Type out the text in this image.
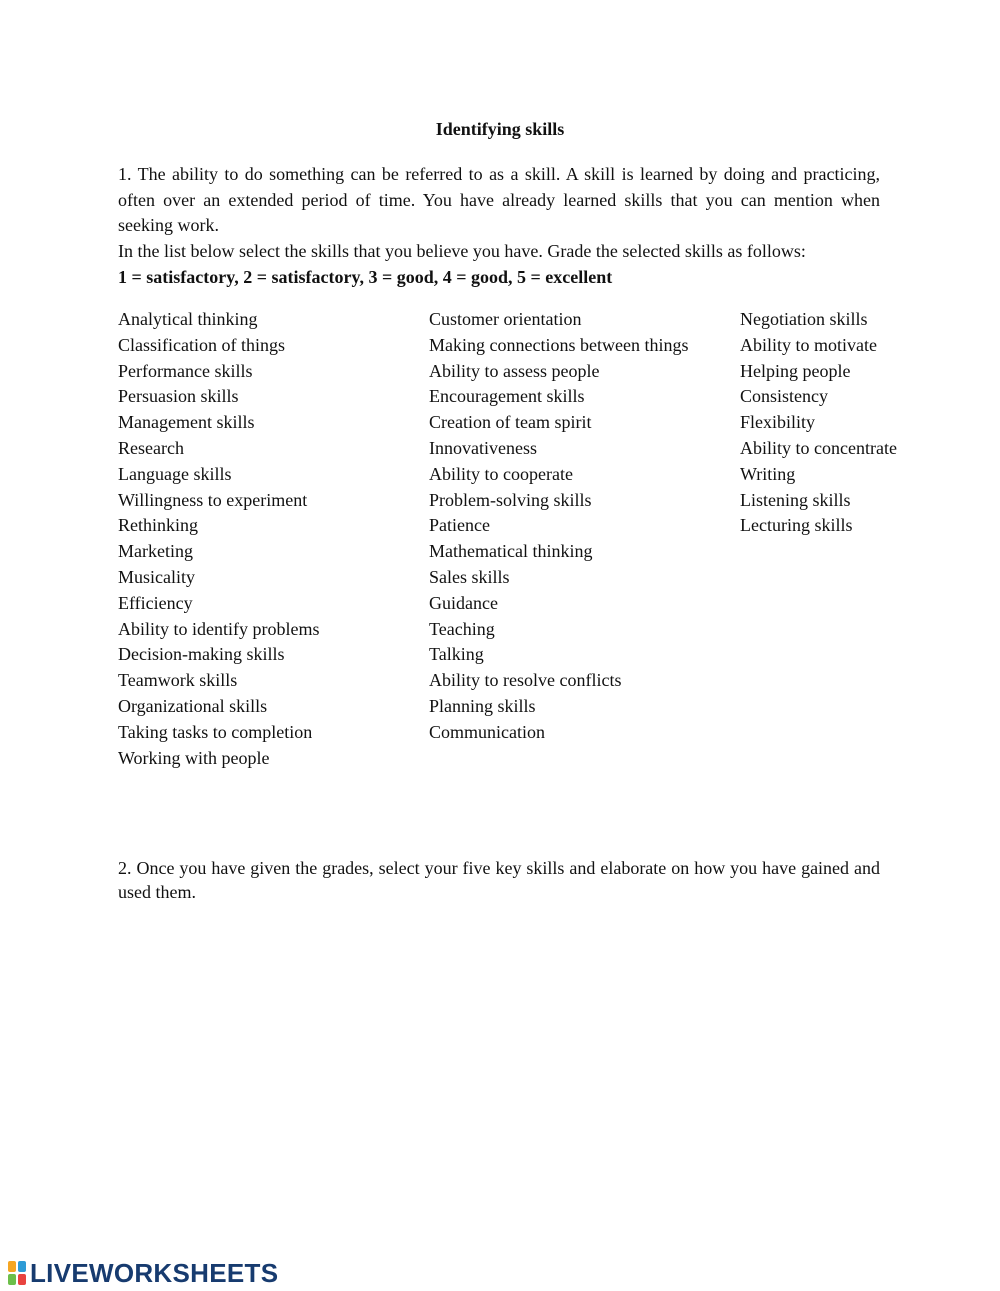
Identifying skills
1. The ability to do something can be referred to as a skill. A skill is learned by doing and practicing, often over an extended period of time. You have already learned skills that you can mention when seeking work.
In the list below select the skills that you believe you have. Grade the selected skills as follows:
1 = satisfactory, 2 = satisfactory, 3 = good, 4 = good, 5 = excellent
Analytical thinking
Classification of things
Performance skills
Persuasion skills
Management skills
Research
Language skills
Willingness to experiment
Rethinking
Marketing
Musicality
Efficiency
Ability to identify problems
Decision-making skills
Teamwork skills
Organizational skills
Taking tasks to completion
Working with people
Customer orientation
Making connections between things
Ability to assess people
Encouragement skills
Creation of team spirit
Innovativeness
Ability to cooperate
Problem-solving skills
Patience
Mathematical thinking
Sales skills
Guidance
Teaching
Talking
Ability to resolve conflicts
Planning skills
Communication
Negotiation skills
Ability to motivate
Helping people
Consistency
Flexibility
Ability to concentrate
Writing
Listening skills
Lecturing skills
2. Once you have given the grades, select your five key skills and elaborate on how you have gained and used them.
LIVEWORKSHEETS
